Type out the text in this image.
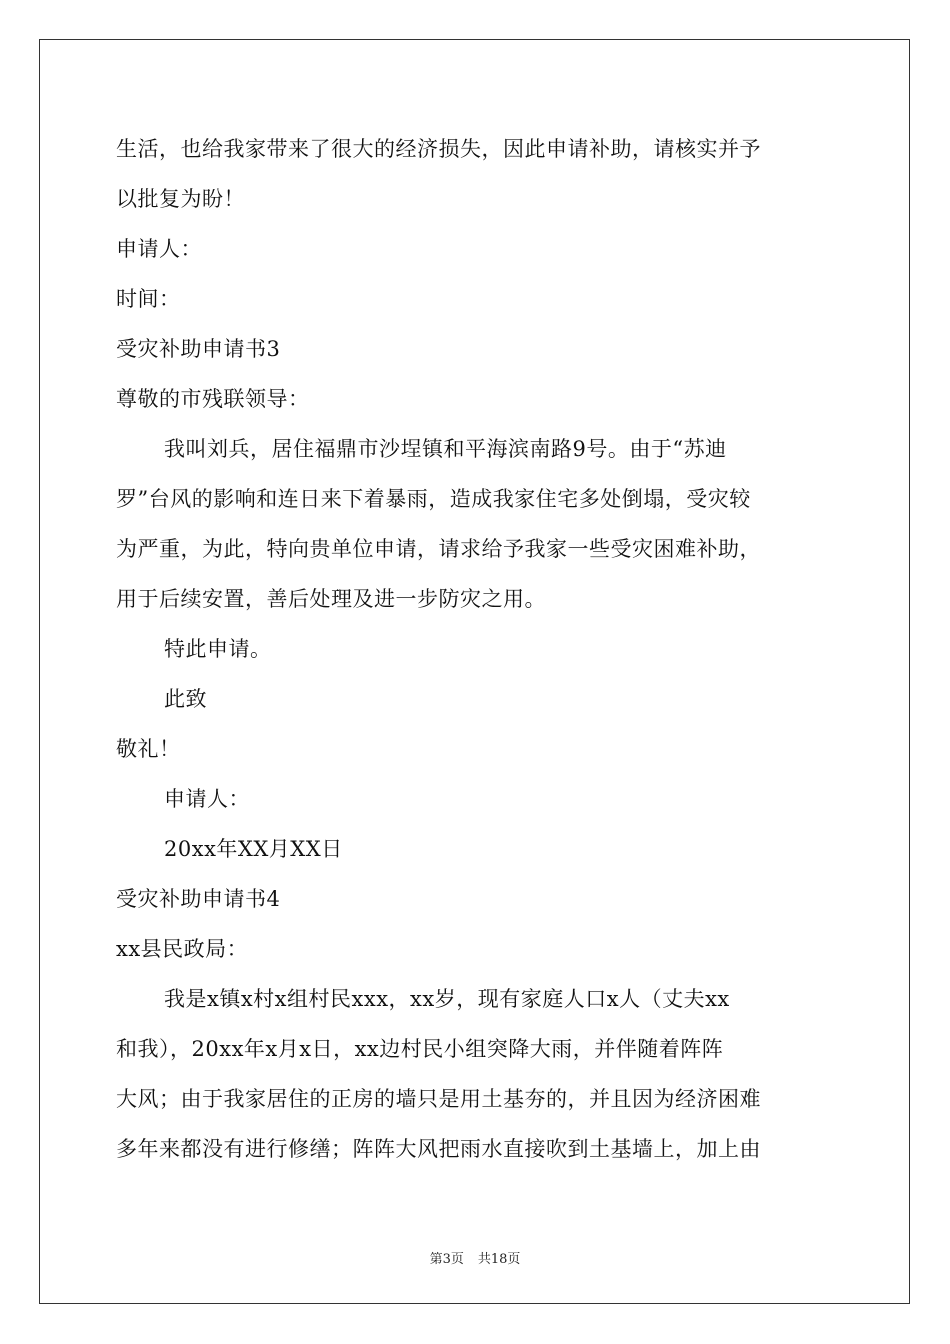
生活，也给我家带来了很大的经济损失，因此申请补助，请核实并予
以批复为盼！
申请人：
时间：
受灾补助申请书3
尊敬的市残联领导：
我叫刘兵，居住福鼎市沙埕镇和平海滨南路9号。由于“苏迪
罗”台风的影响和连日来下着暴雨，造成我家住宅多处倒塌，受灾较
为严重，为此，特向贵单位申请，请求给予我家一些受灾困难补助，
用于后续安置，善后处理及进一步防灾之用。
特此申请。
此致
敬礼！
申请人：
20xx年XX月XX日
受灾补助申请书4
xx县民政局：
我是x镇x村x组村民xxx，xx岁，现有家庭人口x人（丈夫xx
和我），20xx年x月x日，xx边村民小组突降大雨，并伴随着阵阵
大风；由于我家居住的正房的墙只是用土基夯的，并且因为经济困难
多年来都没有进行修缮；阵阵大风把雨水直接吹到土基墙上，加上由
第3页 共18页
